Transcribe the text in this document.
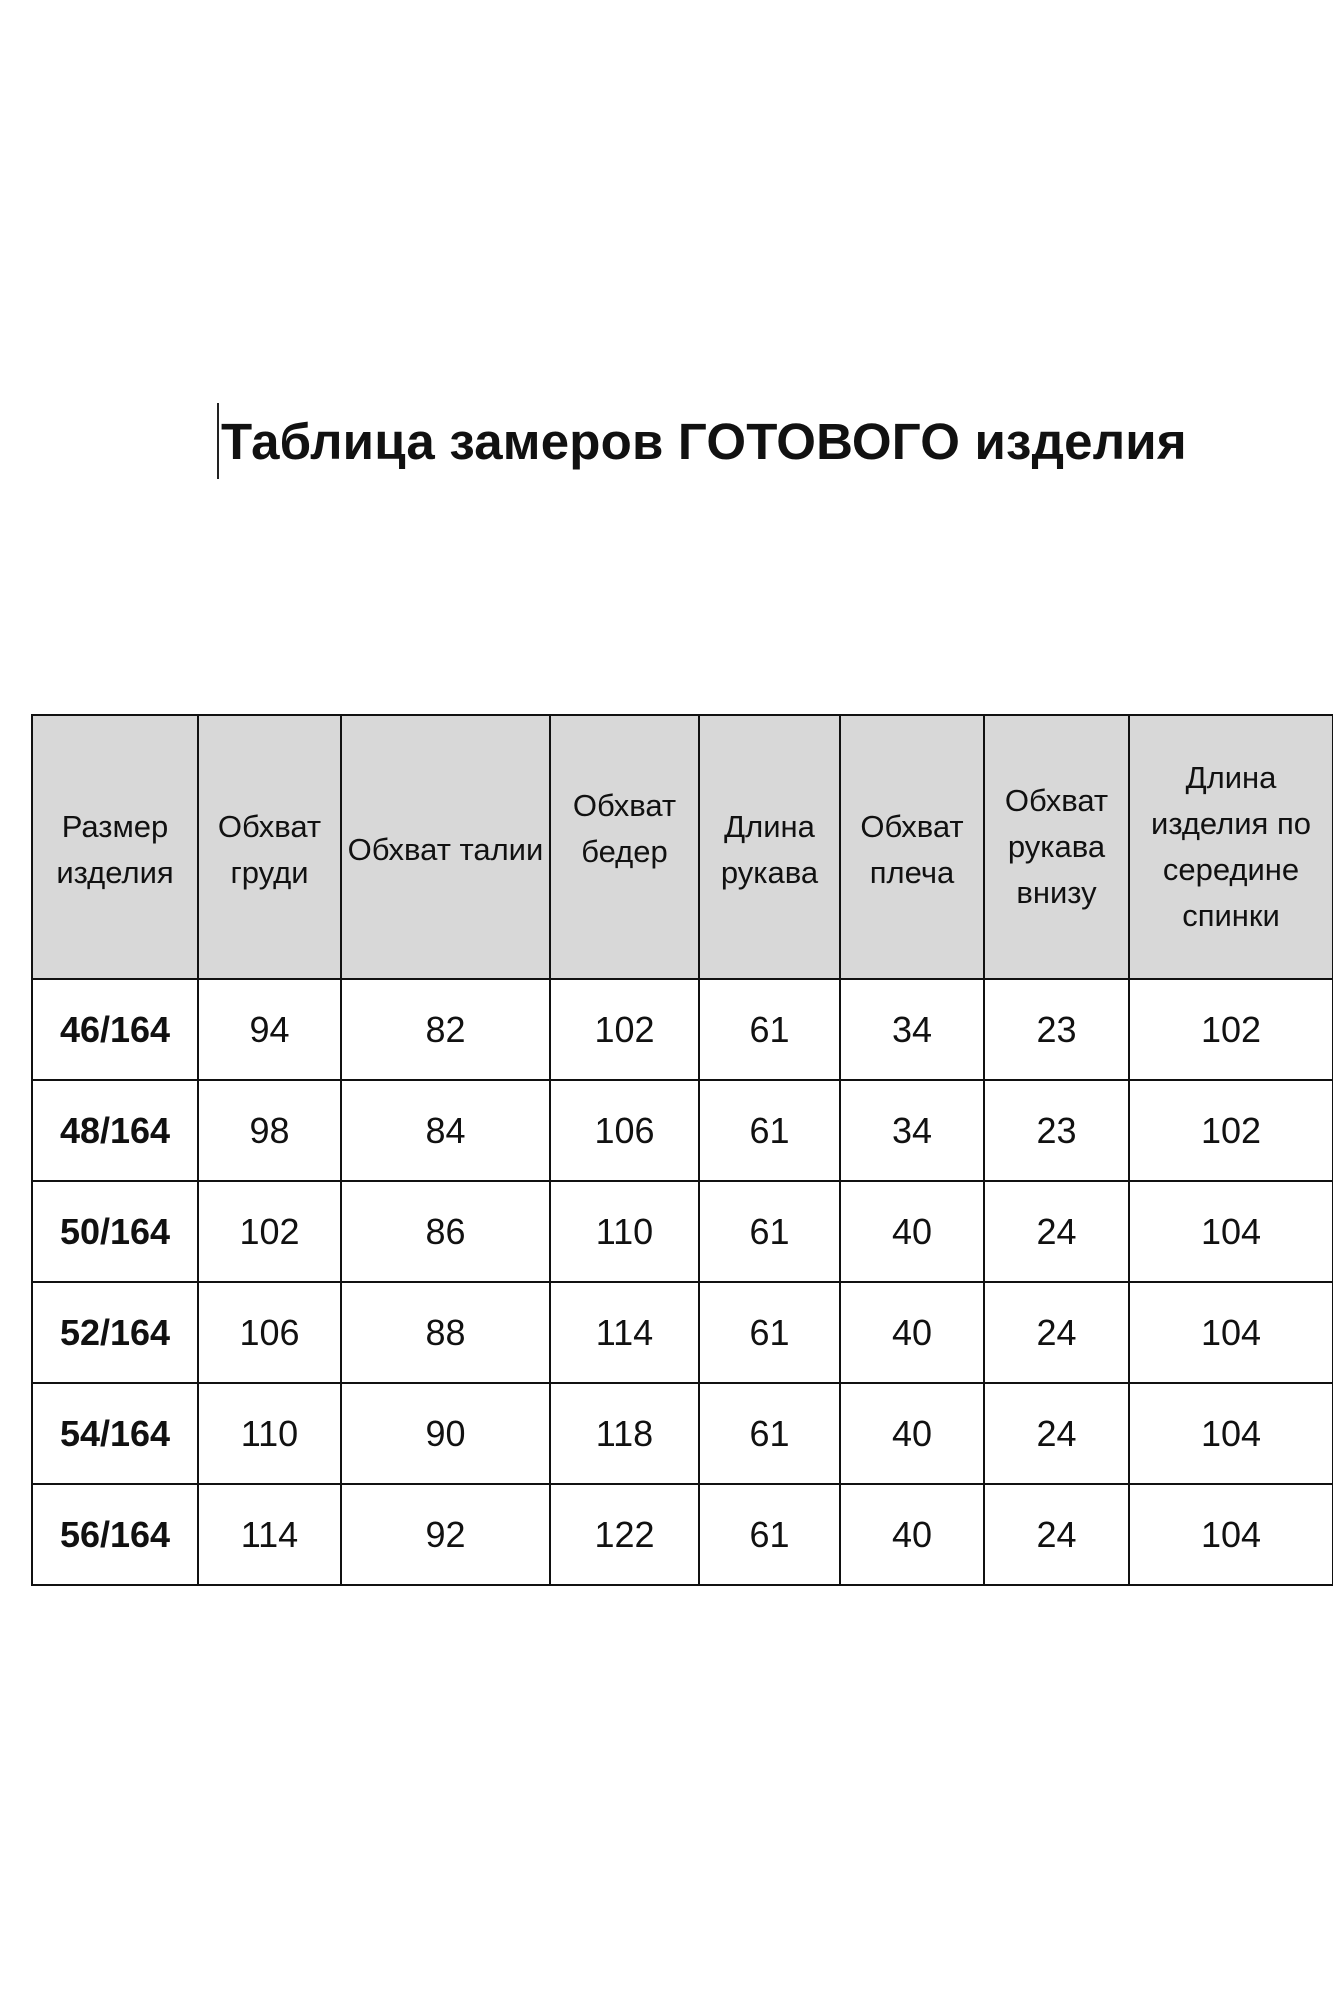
Таблица замеров ГОТОВОГО изделия
Размер изделия	Обхват груди	Обхват талии	Обхват бедер	Длина рукава	Обхват плеча	Обхват рукава внизу	Длина изделия по середине спинки
46/164	94	82	102	61	34	23	102
48/164	98	84	106	61	34	23	102
50/164	102	86	110	61	40	24	104
52/164	106	88	114	61	40	24	104
54/164	110	90	118	61	40	24	104
56/164	114	92	122	61	40	24	104
